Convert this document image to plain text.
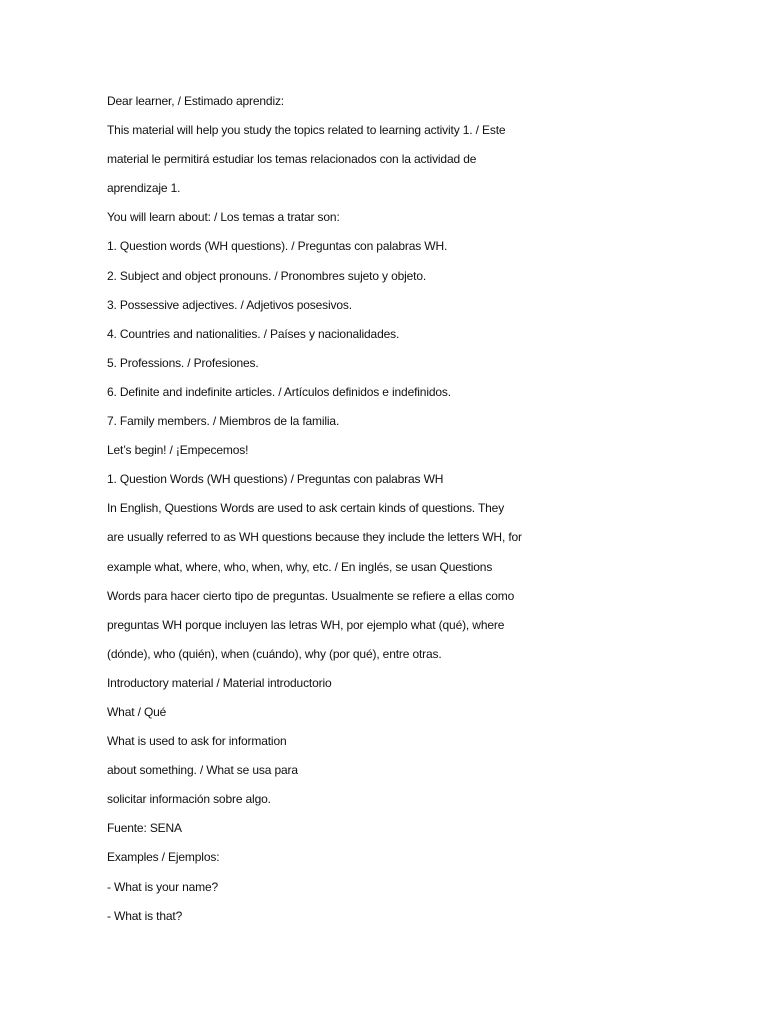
Dear learner, / Estimado aprendiz:
This material will help you study the topics related to learning activity 1. / Este
material le permitirá estudiar los temas relacionados con la actividad de
aprendizaje 1.
You will learn about: / Los temas a tratar son:
1. Question words (WH questions). / Preguntas con palabras WH.
2. Subject and object pronouns. / Pronombres sujeto y objeto.
3. Possessive adjectives. / Adjetivos posesivos.
4. Countries and nationalities. / Países y nacionalidades.
5. Professions. / Profesiones.
6. Definite and indefinite articles. / Artículos definidos e indefinidos.
7. Family members. / Miembros de la familia.
Let’s begin! / ¡Empecemos!
1. Question Words (WH questions) / Preguntas con palabras WH
In English, Questions Words are used to ask certain kinds of questions. They
are usually referred to as WH questions because they include the letters WH, for
example what, where, who, when, why, etc. / En inglés, se usan Questions
Words para hacer cierto tipo de preguntas. Usualmente se refiere a ellas como
preguntas WH porque incluyen las letras WH, por ejemplo what (qué), where
(dónde), who (quién), when (cuándo), why (por qué), entre otras.
Introductory material / Material introductorio
What / Qué
What is used to ask for information
about something. / What se usa para
solicitar información sobre algo.
Fuente: SENA
Examples / Ejemplos:
- What is your name?
- What is that?
